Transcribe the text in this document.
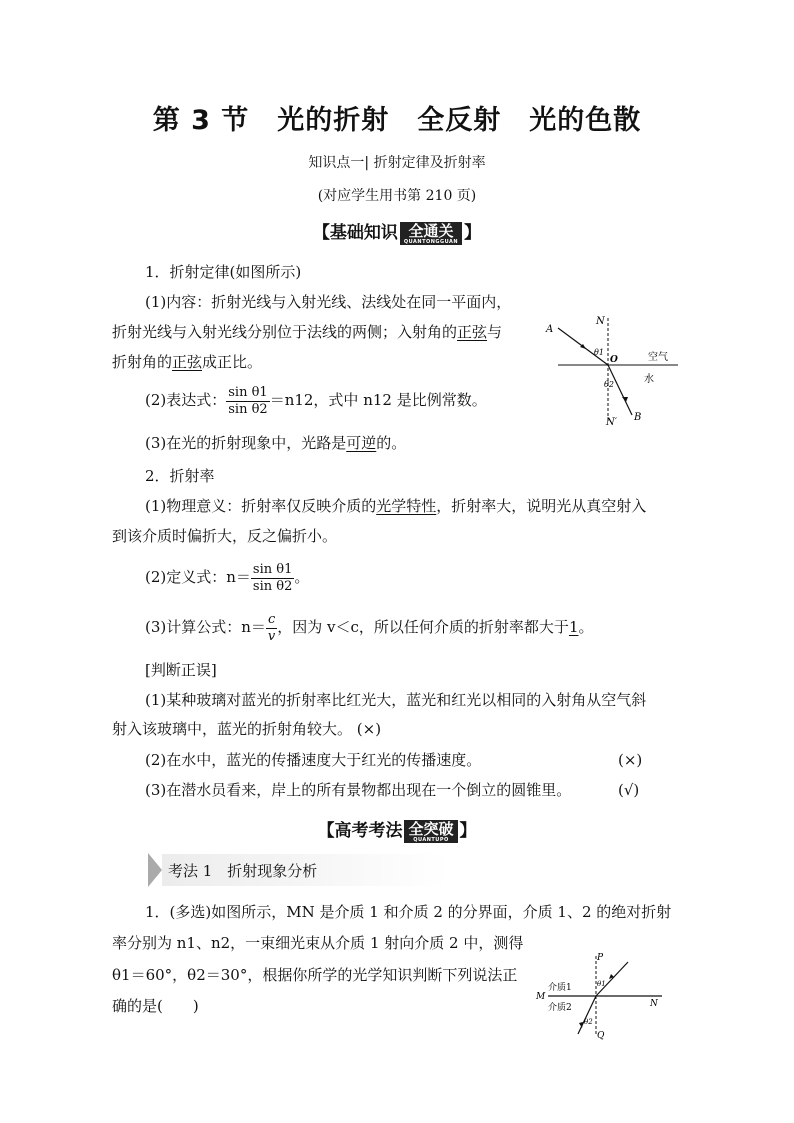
第 3 节　光的折射　全反射　光的色散
知识点一| 折射定律及折射率
(对应学生用书第 210 页)
【基础知识 全通关
QUANTONGGUAN 】
1．折射定律(如图所示)
(1)内容：折射光线与入射光线、法线处在同一平面内，
折射光线与入射光线分别位于法线的两侧；入射角的正弦与
折射角的正弦成正比。
(2)表达式： $\frac{\text{sin θ1}}{\text{sin θ2}} =n12$，式中 n12 是比例常数。
(3)在光的折射现象中，光路是可逆的。
A
N
θ1
O	空气
θ2	水
B
N′
2．折射率
(1)物理意义：折射率仅反映介质的光学特性，折射率大，说明光从真空射入
到该介质时偏折大，反之偏折小。
(2)定义式：$n= \frac{\text{sin θ1}}{\text{sin θ2}}$ 。
(3)计算公式：$n= \frac{c}{v}$ ，因为 v＜c，所以任何介质的折射率都大于1。
[判断正误]
(1)某种玻璃对蓝光的折射率比红光大，蓝光和红光以相同的入射角从空气斜
射入该玻璃中，蓝光的折射角较大。 (×)
(2)在水中，蓝光的传播速度大于红光的传播速度。	(×)
(3)在潜水员看来，岸上的所有景物都出现在一个倒立的圆锥里。	(√)
【高考考法 全突破
QUANTUPO 】
考法 1　折射现象分析
1．(多选)如图所示，MN 是介质 1 和介质 2 的分界面，介质 1、2 的绝对折射
率分别为 n1、n2，一束细光束从介质 1 射向介质 2 中，测得
θ1＝60°，θ2＝30°，根据你所学的光学知识判断下列说法正
确的是(　　)
P
M
介质1	θ1
N
介质2
θ2
Q
